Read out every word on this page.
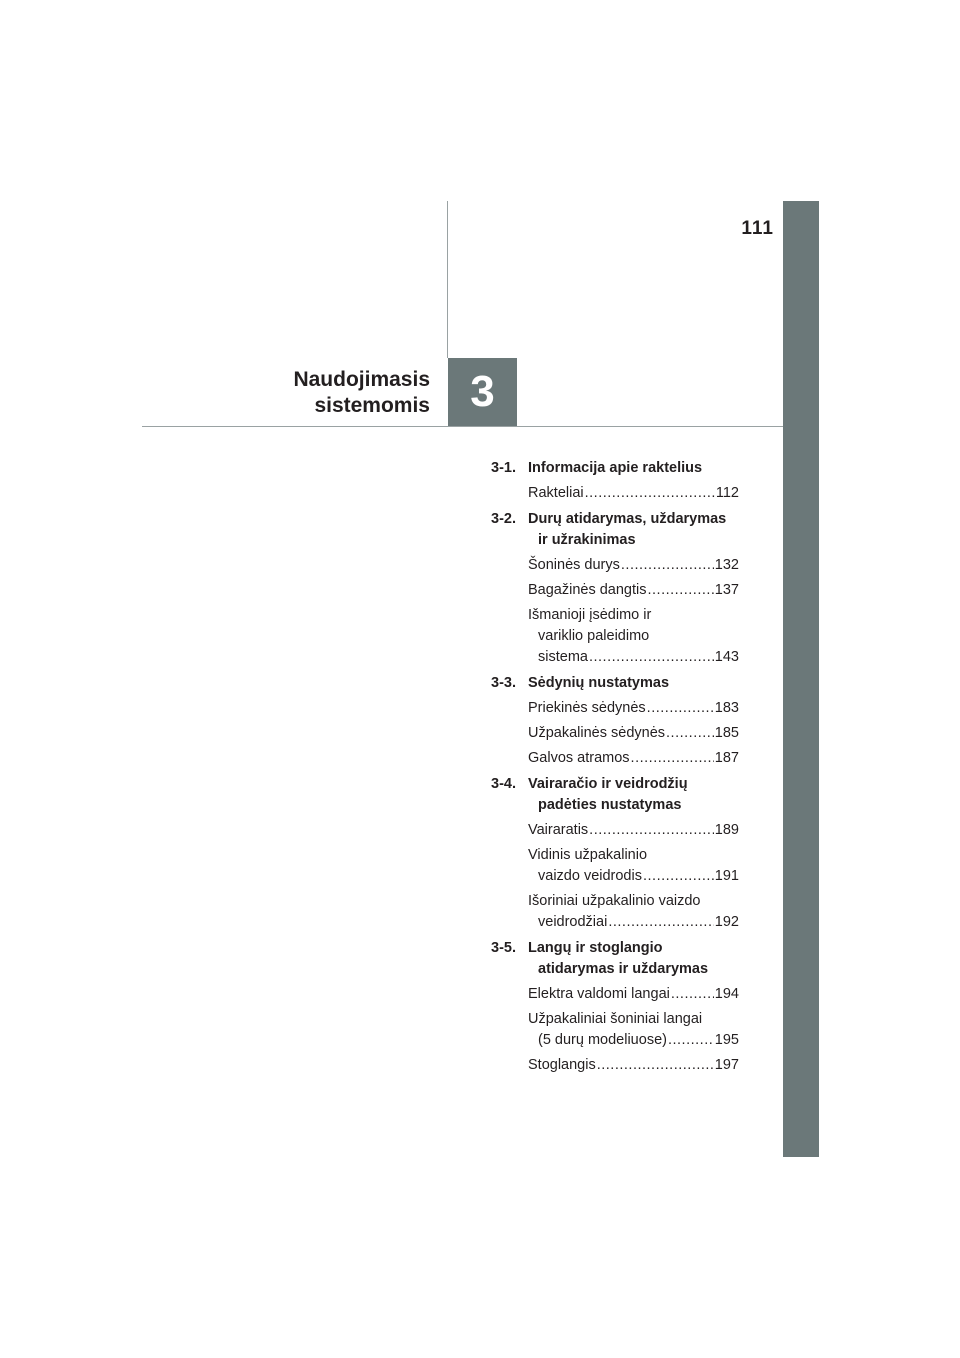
111
Naudojimasis
sistemomis 3
3-1. Informacija apie raktelius
Rakteliai .....	112
3-2. Durų atidarymas, uždarymas
ir užrakinimas
Šoninės durys .....	132
Bagažinės dangtis .....	137
Išmanioji įsėdimo ir
variklio paleidimo
sistema .....	143
3-3. Sėdynių nustatymas
Priekinės sėdynės .....	183
Užpakalinės sėdynės .....	185
Galvos atramos .....	187
3-4. Vairaračio ir veidrodžių
padėties nustatymas
Vairaratis .....	189
Vidinis užpakalinio
vaizdo veidrodis .....	191
Išoriniai užpakalinio vaizdo
veidrodžiai .....	192
3-5. Langų ir stoglangio
atidarymas ir uždarymas
Elektra valdomi langai .....	194
Užpakaliniai šoniniai langai
(5 durų modeliuose) .....	195
Stoglangis .....	197
